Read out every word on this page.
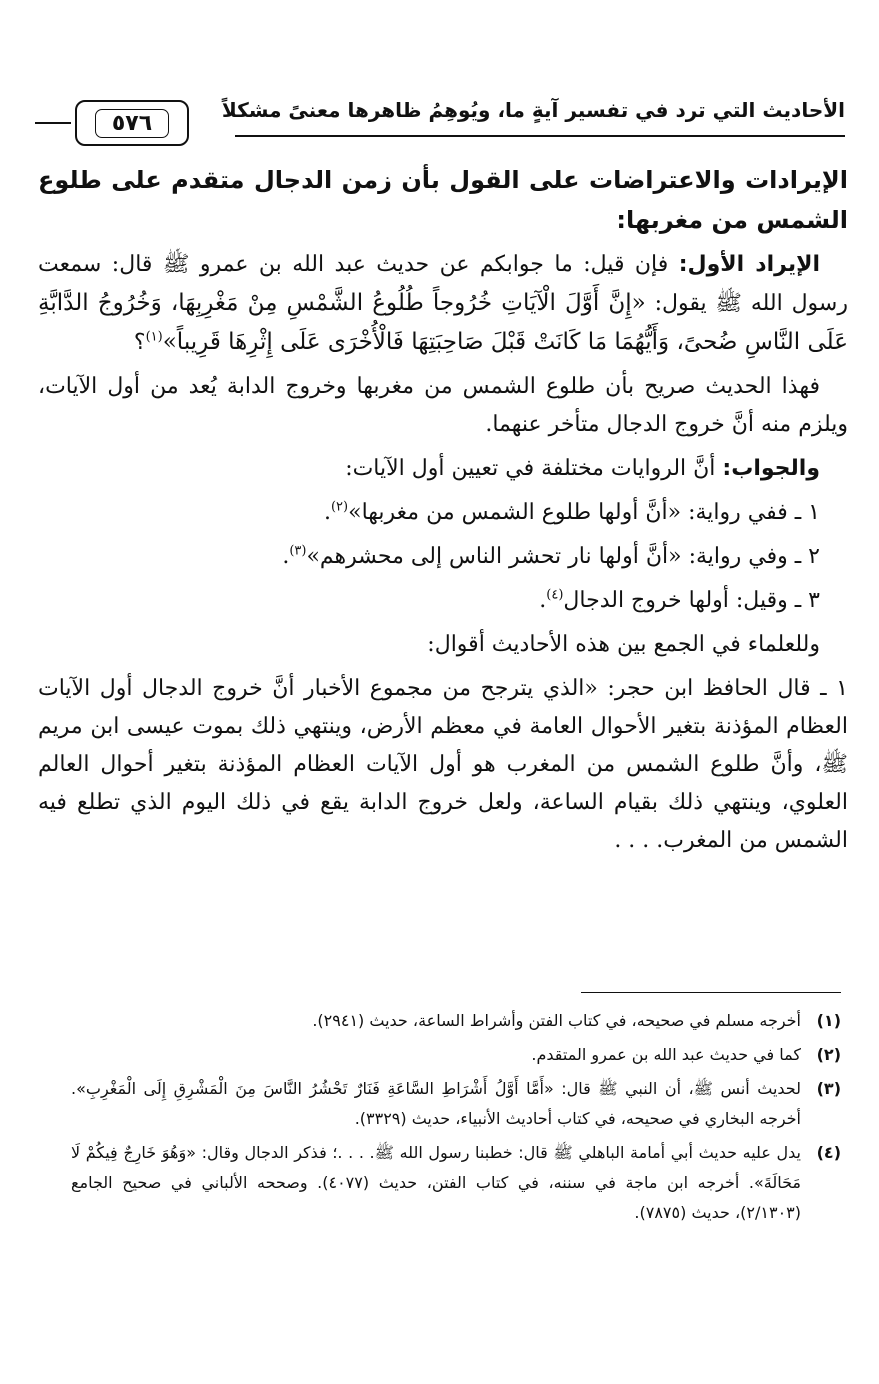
الأحاديث التي ترد في تفسير آيةٍ ما، ويُوهِمُ ظاهرها معنىً مشكلاً
٥٧٦

الإيرادات والاعتراضات على القول بأن زمن الدجال متقدم على طلوع الشمس من مغربها:

الإيراد الأول: فإن قيل: ما جوابكم عن حديث عبد الله بن عمرو ﷺ قال: سمعت رسول الله ﷺ يقول: «إِنَّ أَوَّلَ الْآيَاتِ خُرُوجاً طُلُوعُ الشَّمْسِ مِنْ مَغْرِبِهَا، وَخُرُوجُ الدَّابَّةِ عَلَى النَّاسِ ضُحىً، وَأَيُّهُمَا مَا كَانَتْ قَبْلَ صَاحِبَتِهَا فَالْأُخْرَى عَلَى إِثْرِهَا قَرِيباً»$^{(١)}$؟

فهذا الحديث صريح بأن طلوع الشمس من مغربها وخروج الدابة يُعد من أول الآيات، ويلزم منه أنَّ خروج الدجال متأخر عنهما.

والجواب: أنَّ الروايات مختلفة في تعيين أول الآيات:

١ ـ ففي رواية: «أنَّ أولها طلوع الشمس من مغربها»$^{(٢)}$.

٢ ـ وفي رواية: «أنَّ أولها نار تحشر الناس إلى محشرهم»$^{(٣)}$.

٣ ـ وقيل: أولها خروج الدجال$^{(٤)}$.

وللعلماء في الجمع بين هذه الأحاديث أقوال:

١ ـ قال الحافظ ابن حجر: «الذي يترجح من مجموع الأخبار أنَّ خروج الدجال أول الآيات العظام المؤذنة بتغير الأحوال العامة في معظم الأرض، وينتهي ذلك بموت عيسى ابن مريم ﷺ، وأنَّ طلوع الشمس من المغرب هو أول الآيات العظام المؤذنة بتغير أحوال العالم العلوي، وينتهي ذلك بقيام الساعة، ولعل خروج الدابة يقع في ذلك اليوم الذي تطلع فيه الشمس من المغرب. . . .

(١)
أخرجه مسلم في صحيحه، في كتاب الفتن وأشراط الساعة، حديث (٢٩٤١).
(٢)
كما في حديث عبد الله بن عمرو المتقدم.
(٣)
لحديث أنس ﷺ، أن النبي ﷺ قال: «أَمَّا أَوَّلُ أَشْرَاطِ السَّاعَةِ فَنَارٌ تَحْشُرُ النَّاسَ مِنَ الْمَشْرِقِ إِلَى الْمَغْرِبِ». أخرجه البخاري في صحيحه، في كتاب أحاديث الأنبياء، حديث (٣٣٢٩).
(٤)
يدل عليه حديث أبي أمامة الباهلي ﷺ قال: خطبنا رسول الله ﷺ. . . .؛ فذكر الدجال وقال: «وَهُوَ خَارِجٌ فِيكُمْ لَا مَحَالَةَ». أخرجه ابن ماجة في سننه، في كتاب الفتن، حديث (٤٠٧٧). وصححه الألباني في صحيح الجامع (٢/١٣٠٣)، حديث (٧٨٧٥).
